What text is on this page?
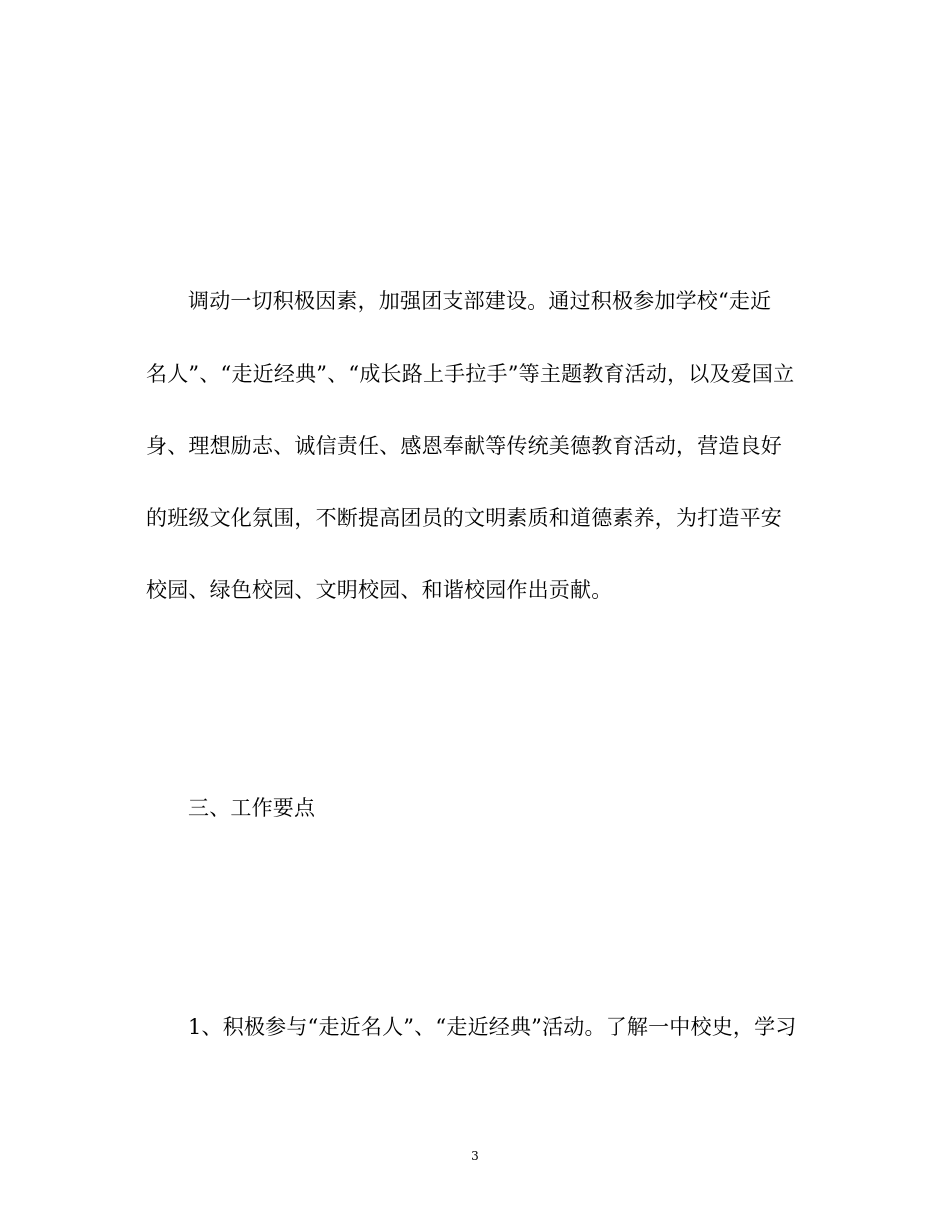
调动一切积极因素，加强团支部建设。通过积极参加学校“走近
名人”、“走近经典”、“成长路上手拉手”等主题教育活动，以及爱国立
身、理想励志、诚信责任、感恩奉献等传统美德教育活动，营造良好
的班级文化氛围，不断提高团员的文明素质和道德素养，为打造平安
校园、绿色校园、文明校园、和谐校园作出贡献。
三、工作要点
1、积极参与“走近名人”、“走近经典”活动。了解一中校史，学习
3
